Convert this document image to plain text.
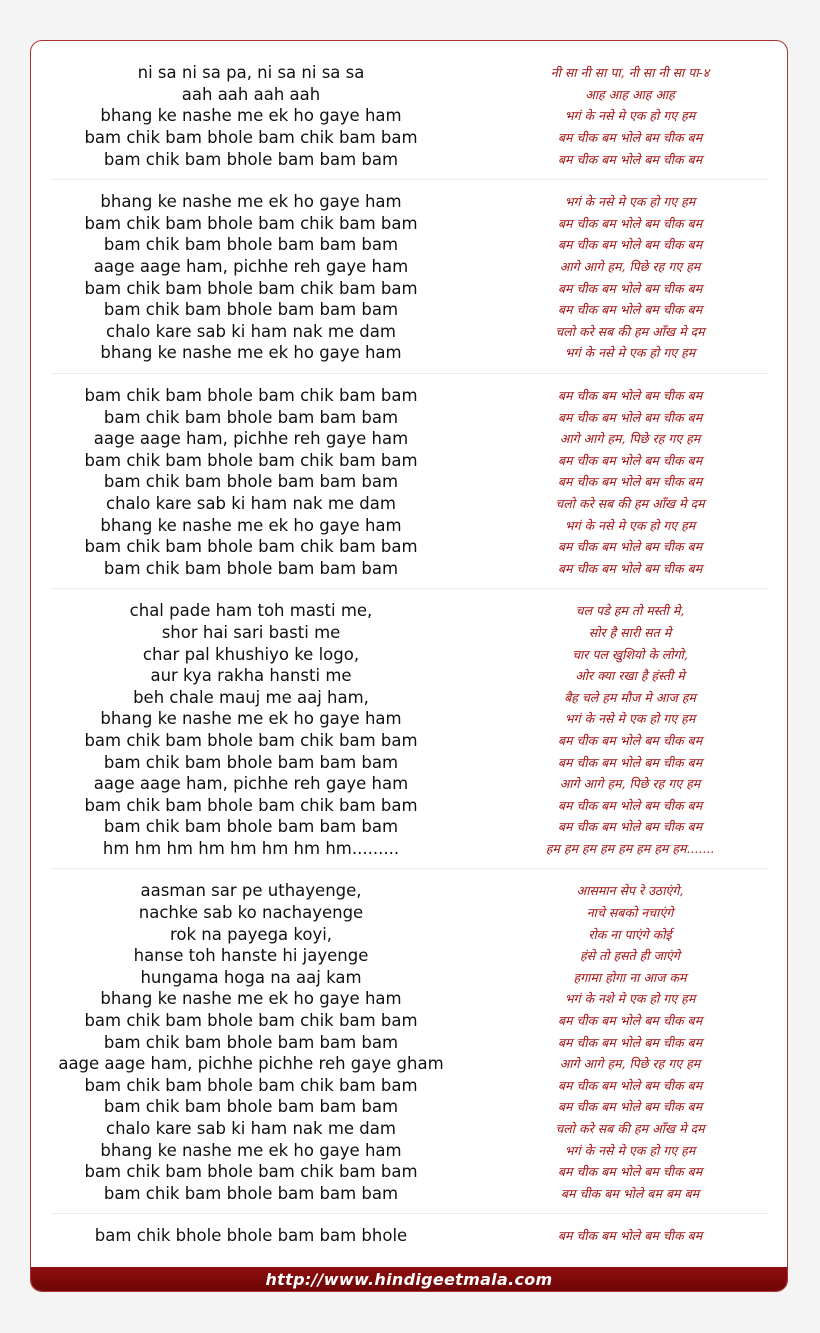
ni sa ni sa pa, ni sa ni sa sa	नी सा नी सा पा, नी सा नी सा पा-४
aah aah aah aah	आह आह आह आह
bhang ke nashe me ek ho gaye ham	भगं के नसे मे एक हो गए हम
bam chik bam bhole bam chik bam bam	बम चीक बम भोले बम चीक बम
bam chik bam bhole bam bam bam	बम चीक बम भोले बम चीक बम
bhang ke nashe me ek ho gaye ham	भगं के नसे मे एक हो गए हम
bam chik bam bhole bam chik bam bam	बम चीक बम भोले बम चीक बम
bam chik bam bhole bam bam bam	बम चीक बम भोले बम चीक बम
aage aage ham, pichhe reh gaye ham	आगे आगे हम, पिछे रह गए हम
bam chik bam bhole bam chik bam bam	बम चीक बम भोले बम चीक बम
bam chik bam bhole bam bam bam	बम चीक बम भोले बम चीक बम
chalo kare sab ki ham nak me dam	चलो करे सब की हम आँख मे दम
bhang ke nashe me ek ho gaye ham	भगं के नसे मे एक हो गए हम
bam chik bam bhole bam chik bam bam	बम चीक बम भोले बम चीक बम
bam chik bam bhole bam bam bam	बम चीक बम भोले बम चीक बम
aage aage ham, pichhe reh gaye ham	आगे आगे हम, पिछे रह गए हम
bam chik bam bhole bam chik bam bam	बम चीक बम भोले बम चीक बम
bam chik bam bhole bam bam bam	बम चीक बम भोले बम चीक बम
chalo kare sab ki ham nak me dam	चलो करे सब की हम आँख मे दम
bhang ke nashe me ek ho gaye ham	भगं के नसे मे एक हो गए हम
bam chik bam bhole bam chik bam bam	बम चीक बम भोले बम चीक बम
bam chik bam bhole bam bam bam	बम चीक बम भोले बम चीक बम
chal pade ham toh masti me,	चल पडे हम तो मस्ती मे,
shor hai sari basti me	सोर है सारी सत मे
char pal khushiyo ke logo,	चार पल खुशियो के लोगो,
aur kya rakha hansti me	ओर क्या रखा है हंस्ती मे
beh chale mauj me aaj ham,	बैह चले हम मौज मे आज हम
bhang ke nashe me ek ho gaye ham	भगं के नसे मे एक हो गए हम
bam chik bam bhole bam chik bam bam	बम चीक बम भोले बम चीक बम
bam chik bam bhole bam bam bam	बम चीक बम भोले बम चीक बम
aage aage ham, pichhe reh gaye ham	आगे आगे हम, पिछे रह गए हम
bam chik bam bhole bam chik bam bam	बम चीक बम भोले बम चीक बम
bam chik bam bhole bam bam bam	बम चीक बम भोले बम चीक बम
hm hm hm hm hm hm hm hm.........	हम हम हम हम हम हम हम हम.......
aasman sar pe uthayenge,	आसमान सेप रे उठाएंगे,
nachke sab ko nachayenge	नाचे सबको नचाएंगे
rok na payega koyi,	रोक ना पाएंगे कोई
hanse toh hanste hi jayenge	हंसे तो हसते ही जाएंगे
hungama hoga na aaj kam	हगामा होगा ना आज कम
bhang ke nashe me ek ho gaye ham	भगं के नशे मे एक हो गए हम
bam chik bam bhole bam chik bam bam	बम चीक बम भोले बम चीक बम
bam chik bam bhole bam bam bam	बम चीक बम भोले बम चीक बम
aage aage ham, pichhe pichhe reh gaye gham	आगे आगे हम, पिछे रह गए हम
bam chik bam bhole bam chik bam bam	बम चीक बम भोले बम चीक बम
bam chik bam bhole bam bam bam	बम चीक बम भोले बम चीक बम
chalo kare sab ki ham nak me dam	चलो करे सब की हम आँख मे दम
bhang ke nashe me ek ho gaye ham	भगं के नसे मे एक हो गए हम
bam chik bam bhole bam chik bam bam	बम चीक बम भोले बम चीक बम
bam chik bam bhole bam bam bam	बम चीक बम भोले बम बम बम
bam chik bhole bhole bam bam bhole	बम चीक बम भोले बम चीक बम
http://www.hindigeetmala.com
